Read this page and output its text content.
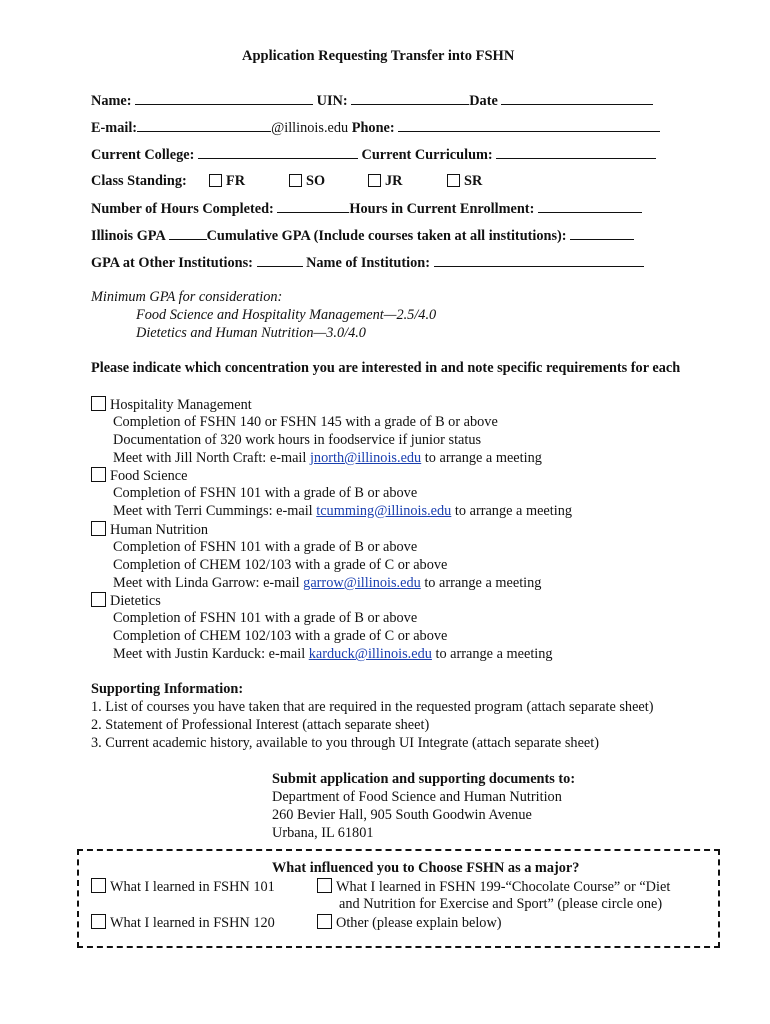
Application Requesting Transfer into FSHN
Name:	UIN:	Date
E-mail:	@illinois.edu Phone:
Current College:	Current Curriculum:
Class Standing:	FR	SO	JR	SR
Number of Hours Completed:	Hours in Current Enrollment:
Illinois GPA	Cumulative GPA (Include courses taken at all institutions):
GPA at Other Institutions:	Name of Institution:
Minimum GPA for consideration:
Food Science and Hospitality Management—2.5/4.0
Dietetics and Human Nutrition—3.0/4.0
Please indicate which concentration you are interested in and note specific requirements for each
Hospitality Management
Completion of FSHN 140 or FSHN 145 with a grade of B or above
Documentation of 320 work hours in foodservice if junior status
Meet with Jill North Craft: e-mail jnorth@illinois.edu to arrange a meeting
Food Science
Completion of FSHN 101 with a grade of B or above
Meet with Terri Cummings: e-mail tcumming@illinois.edu to arrange a meeting
Human Nutrition
Completion of FSHN 101 with a grade of B or above
Completion of CHEM 102/103 with a grade of C or above
Meet with Linda Garrow: e-mail garrow@illinois.edu to arrange a meeting
Dietetics
Completion of FSHN 101 with a grade of B or above
Completion of CHEM 102/103 with a grade of C or above
Meet with Justin Karduck: e-mail karduck@illinois.edu to arrange a meeting
Supporting Information:
1. List of courses you have taken that are required in the requested program (attach separate sheet)
2. Statement of Professional Interest (attach separate sheet)
3. Current academic history, available to you through UI Integrate (attach separate sheet)
Submit application and supporting documents to:
Department of Food Science and Human Nutrition
260 Bevier Hall, 905 South Goodwin Avenue
Urbana, IL 61801
What influenced you to Choose FSHN as a major?
What I learned in FSHN 101	What I learned in FSHN 199-“Chocolate Course” or “Diet
and Nutrition for Exercise and Sport” (please circle one)
What I learned in FSHN 120	Other (please explain below)
